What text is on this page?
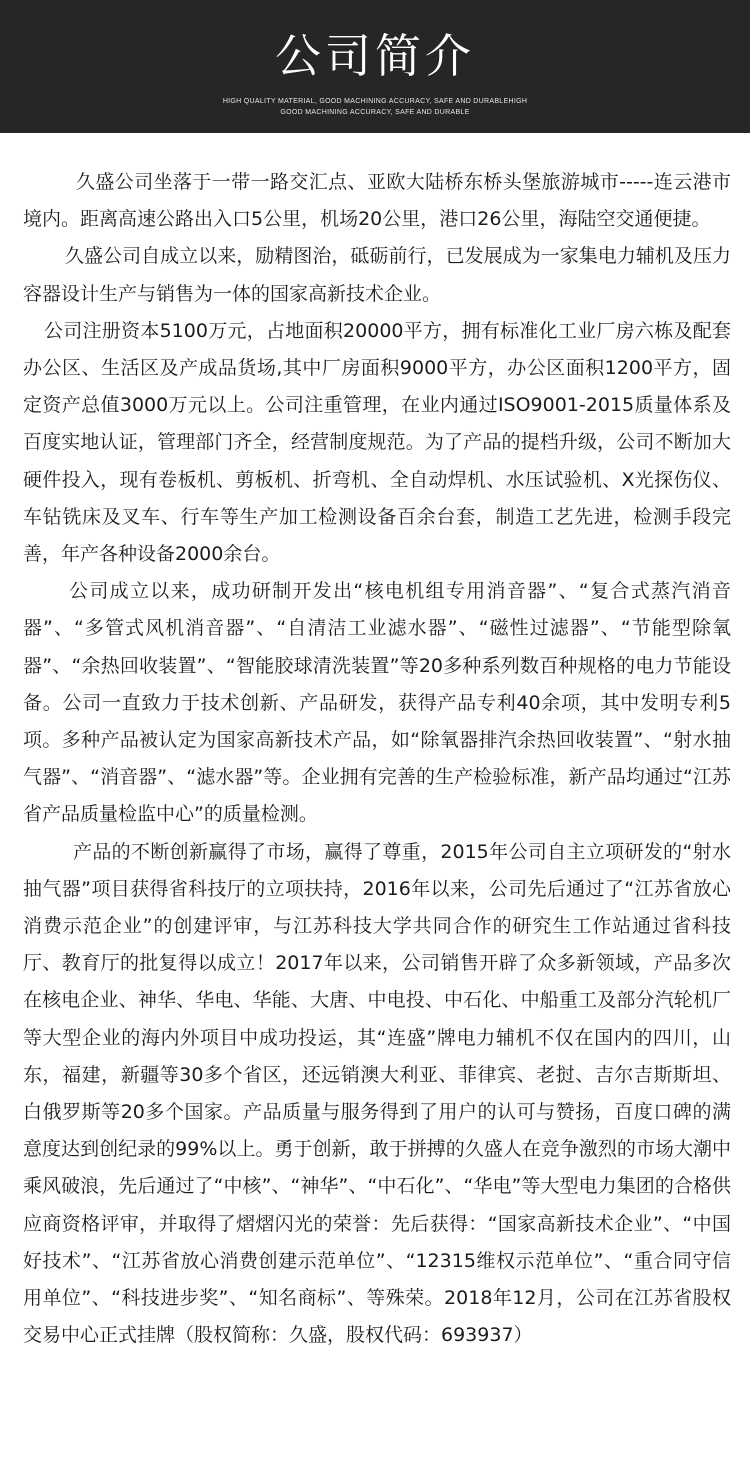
公司简介
HIGH QUALITY MATERIAL, GOOD MACHINING ACCURACY, SAFE AND DURABLEHIGH
GOOD MACHINING ACCURACY, SAFE AND DURABLE

久盛公司坐落于一带一路交汇点、亚欧大陆桥东桥头堡旅游城市-----连云港市境内。距离高速公路出入口5公里，机场20公里，港口26公里，海陆空交通便捷。

久盛公司自成立以来，励精图治，砥砺前行，已发展成为一家集电力辅机及压力容器设计生产与销售为一体的国家高新技术企业。

公司注册资本5100万元，占地面积20000平方，拥有标准化工业厂房六栋及配套办公区、生活区及产成品货场,其中厂房面积9000平方，办公区面积1200平方，固定资产总值3000万元以上。公司注重管理，在业内通过ISO9001-2015质量体系及百度实地认证，管理部门齐全，经营制度规范。为了产品的提档升级，公司不断加大硬件投入，现有卷板机、剪板机、折弯机、全自动焊机、水压试验机、X光探伤仪、车钻铣床及叉车、行车等生产加工检测设备百余台套，制造工艺先进，检测手段完善，年产各种设备2000余台。

公司成立以来，成功研制开发出“核电机组专用消音器”、“复合式蒸汽消音器”、“多管式风机消音器”、“自清洁工业滤水器”、“磁性过滤器”、“节能型除氧器”、“余热回收装置”、“智能胶球清洗装置”等20多种系列数百种规格的电力节能设备。公司一直致力于技术创新、产品研发，获得产品专利40余项，其中发明专利5项。多种产品被认定为国家高新技术产品，如“除氧器排汽余热回收装置”、“射水抽气器”、“消音器”、“滤水器”等。企业拥有完善的生产检验标准，新产品均通过“江苏省产品质量检监中心”的质量检测。

产品的不断创新赢得了市场，赢得了尊重，2015年公司自主立项研发的“射水抽气器”项目获得省科技厅的立项扶持，2016年以来，公司先后通过了“江苏省放心消费示范企业”的创建评审，与江苏科技大学共同合作的研究生工作站通过省科技厅、教育厅的批复得以成立！2017年以来，公司销售开辟了众多新领域，产品多次在核电企业、神华、华电、华能、大唐、中电投、中石化、中船重工及部分汽轮机厂等大型企业的海内外项目中成功投运，其“连盛”牌电力辅机不仅在国内的四川，山东，福建，新疆等30多个省区，还远销澳大利亚、菲律宾、老挝、吉尔吉斯斯坦、白俄罗斯等20多个国家。产品质量与服务得到了用户的认可与赞扬，百度口碑的满意度达到创纪录的99%以上。勇于创新，敢于拼搏的久盛人在竞争激烈的市场大潮中乘风破浪，先后通过了“中核”、“神华”、“中石化”、“华电”等大型电力集团的合格供应商资格评审，并取得了熠熠闪光的荣誉：先后获得：“国家高新技术企业”、“中国好技术”、“江苏省放心消费创建示范单位”、“12315维权示范单位”、“重合同守信用单位”、“科技进步奖”、“知名商标”、等殊荣。2018年12月，公司在江苏省股权交易中心正式挂牌（股权简称：久盛，股权代码：693937）
